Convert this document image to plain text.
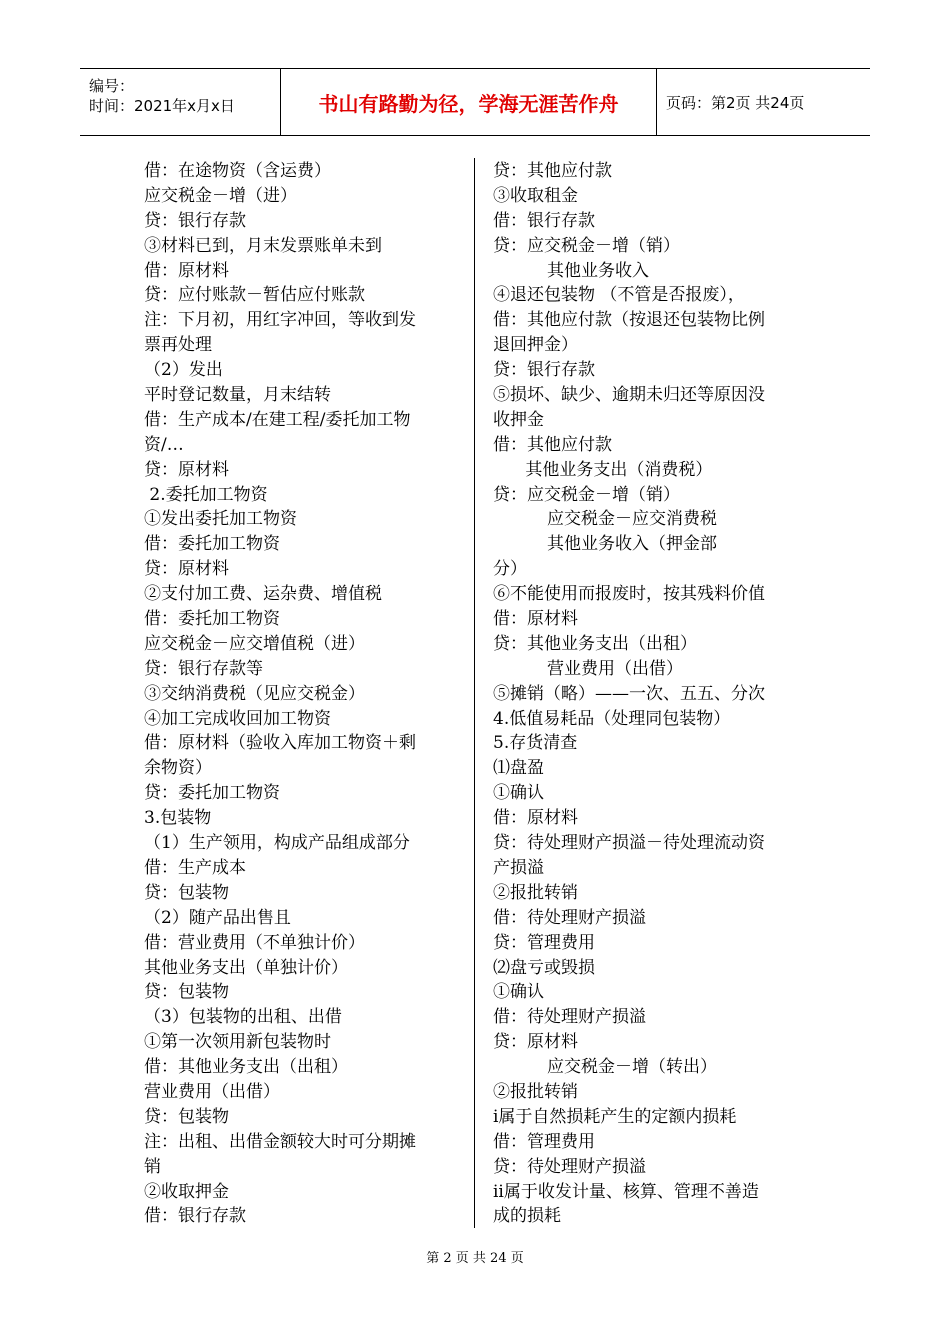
编号：
时间：2021年x月x日	书山有路勤为径，学海无涯苦作舟	页码：第2页 共24页
借：在途物资（含运费）
应交税金－增（进）
贷：银行存款
③材料已到，月末发票账单未到
借：原材料
贷：应付账款－暂估应付账款
注：下月初，用红字冲回，等收到发
票再处理
（2）发出
平时登记数量，月末结转
借：生产成本/在建工程/委托加工物
资/…
贷：原材料
2.委托加工物资
①发出委托加工物资
借：委托加工物资
贷：原材料
②支付加工费、运杂费、增值税
借：委托加工物资
应交税金－应交增值税（进）
贷：银行存款等
③交纳消费税（见应交税金）
④加工完成收回加工物资
借：原材料（验收入库加工物资＋剩
余物资）
贷：委托加工物资
3.包装物
（1）生产领用，构成产品组成部分
借：生产成本
贷：包装物
（2）随产品出售且
借：营业费用（不单独计价）
其他业务支出（单独计价）
贷：包装物
（3）包装物的出租、出借
①第一次领用新包装物时
借：其他业务支出（出租）
营业费用（出借）
贷：包装物
注：出租、出借金额较大时可分期摊
销
②收取押金
借：银行存款
贷：其他应付款
③收取租金
借：银行存款
贷：应交税金－增（销）
其他业务收入
④退还包装物 （不管是否报废），
借：其他应付款（按退还包装物比例
退回押金）
贷：银行存款
⑤损坏、缺少、逾期未归还等原因没
收押金
借：其他应付款
其他业务支出（消费税）
贷：应交税金－增（销）
应交税金－应交消费税
其他业务收入（押金部
分）
⑥不能使用而报废时，按其残料价值
借：原材料
贷：其他业务支出（出租）
营业费用（出借）
⑤摊销（略）——一次、五五、分次
4.低值易耗品（处理同包装物）
5.存货清查
⑴盘盈
①确认
借：原材料
贷：待处理财产损溢－待处理流动资
产损溢
②报批转销
借：待处理财产损溢
贷：管理费用
⑵盘亏或毁损
①确认
借：待处理财产损溢
贷：原材料
应交税金－增（转出）
②报批转销
i属于自然损耗产生的定额内损耗
借：管理费用
贷：待处理财产损溢
ii属于收发计量、核算、管理不善造
成的损耗
第 2 页 共 24 页
